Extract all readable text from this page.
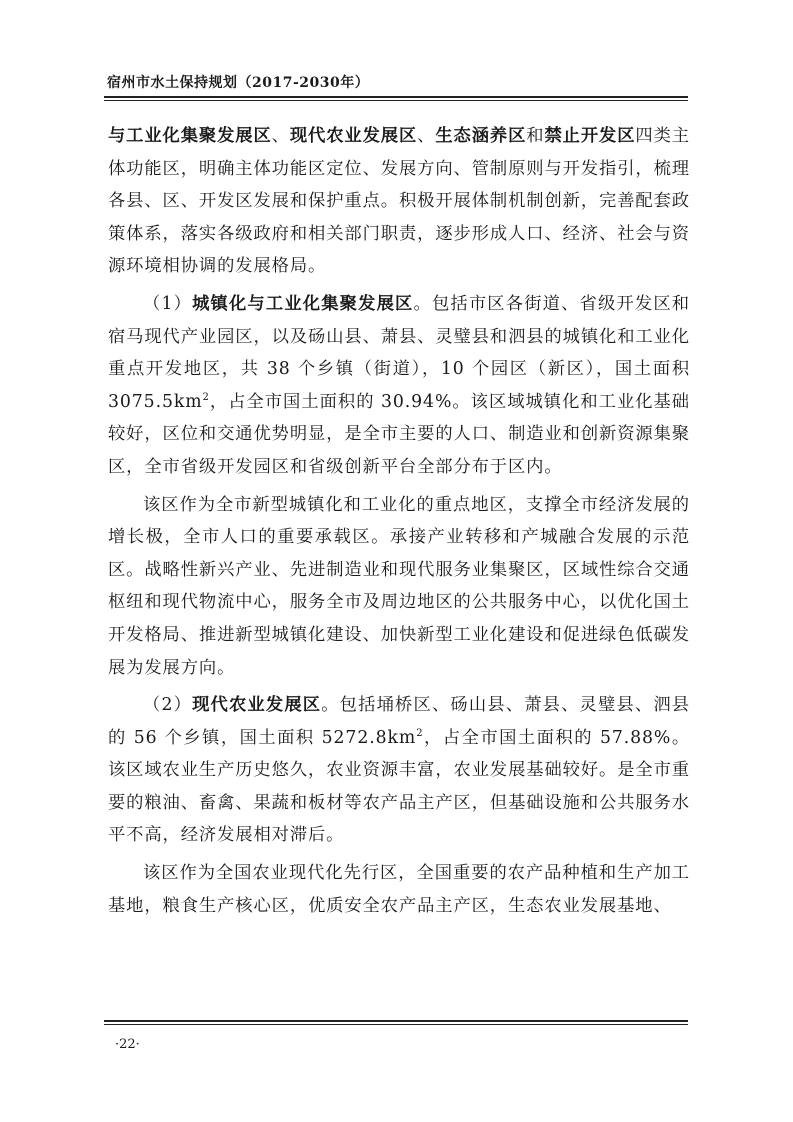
宿州市水土保持规划（2017-2030年）

与工业化集聚发展区、现代农业发展区、生态涵养区和禁止开发区四类主体功能区，明确主体功能区定位、发展方向、管制原则与开发指引，梳理各县、区、开发区发展和保护重点。积极开展体制机制创新，完善配套政策体系，落实各级政府和相关部门职责，逐步形成人口、经济、社会与资源环境相协调的发展格局。

（1）城镇化与工业化集聚发展区。包括市区各街道、省级开发区和宿马现代产业园区，以及砀山县、萧县、灵璧县和泗县的城镇化和工业化重点开发地区，共 38 个乡镇（街道），10 个园区（新区），国土面积 $3075.5km^2$，占全市国土面积的 30.94%。该区域城镇化和工业化基础较好，区位和交通优势明显，是全市主要的人口、制造业和创新资源集聚区，全市省级开发园区和省级创新平台全部分布于区内。

该区作为全市新型城镇化和工业化的重点地区，支撑全市经济发展的增长极，全市人口的重要承载区。承接产业转移和产城融合发展的示范区。战略性新兴产业、先进制造业和现代服务业集聚区，区域性综合交通枢纽和现代物流中心，服务全市及周边地区的公共服务中心，以优化国土开发格局、推进新型城镇化建设、加快新型工业化建设和促进绿色低碳发展为发展方向。

（2）现代农业发展区。包括埇桥区、砀山县、萧县、灵璧县、泗县的 56 个乡镇，国土面积 $5272.8km^2$，占全市国土面积的 57.88%。该区域农业生产历史悠久，农业资源丰富，农业发展基础较好。是全市重要的粮油、畜禽、果蔬和板材等农产品主产区，但基础设施和公共服务水平不高，经济发展相对滞后。

该区作为全国农业现代化先行区，全国重要的农产品种植和生产加工基地，粮食生产核心区，优质安全农产品主产区，生态农业发展基地、

·22·
